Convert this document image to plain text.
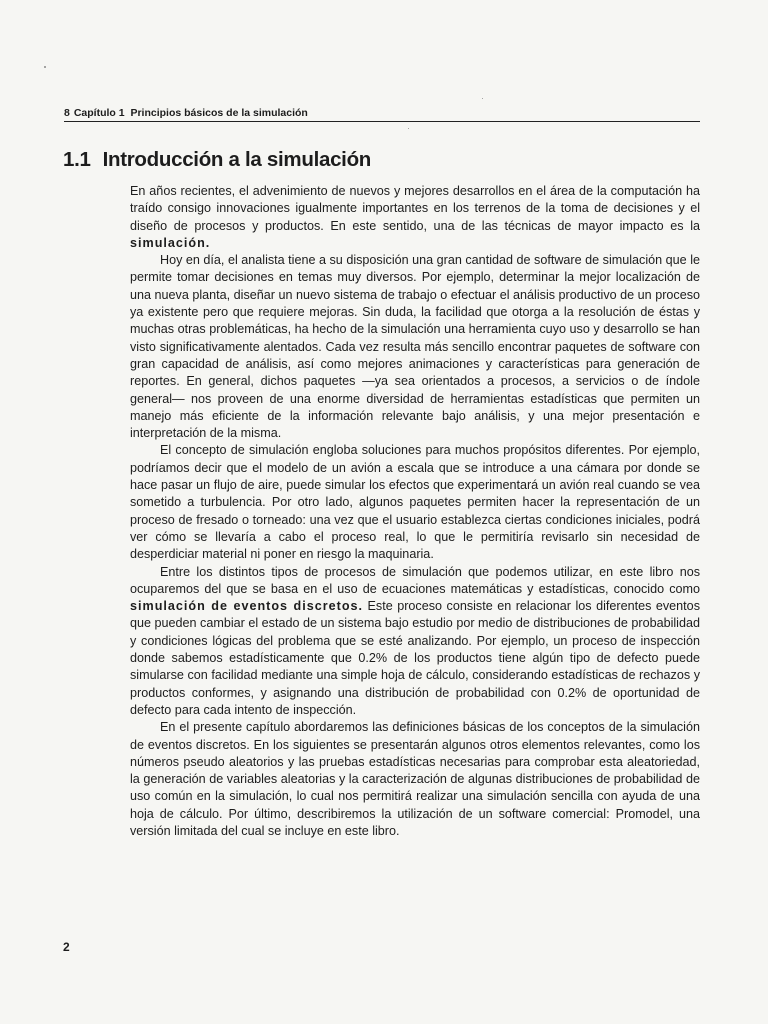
8 Capítulo 1 Principios básicos de la simulación
1.1 Introducción a la simulación

En años recientes, el advenimiento de nuevos y mejores desarrollos en el área de la computación ha traído consigo innovaciones igualmente importantes en los terrenos de la toma de decisiones y el diseño de procesos y productos. En este sentido, una de las técnicas de mayor impacto es la simulación.

Hoy en día, el analista tiene a su disposición una gran cantidad de software de simulación que le permite tomar decisiones en temas muy diversos. Por ejemplo, determinar la mejor localización de una nueva planta, diseñar un nuevo sistema de trabajo o efectuar el análisis productivo de un proceso ya existente pero que requiere mejoras. Sin duda, la facilidad que otorga a la resolución de éstas y muchas otras problemáticas, ha hecho de la simulación una herramienta cuyo uso y desarrollo se han visto significativamente alentados. Cada vez resulta más sencillo encontrar paquetes de software con gran capacidad de análisis, así como mejores animaciones y características para generación de reportes. En general, dichos paquetes —ya sea orientados a procesos, a servicios o de índole general— nos proveen de una enorme diversidad de herramientas estadísticas que permiten un manejo más eficiente de la información relevante bajo análisis, y una mejor presentación e interpretación de la misma.

El concepto de simulación engloba soluciones para muchos propósitos diferentes. Por ejemplo, podríamos decir que el modelo de un avión a escala que se introduce a una cámara por donde se hace pasar un flujo de aire, puede simular los efectos que experimentará un avión real cuando se vea sometido a turbulencia. Por otro lado, algunos paquetes permiten hacer la representación de un proceso de fresado o torneado: una vez que el usuario establezca ciertas condiciones iniciales, podrá ver cómo se llevaría a cabo el proceso real, lo que le permitiría revisarlo sin necesidad de desperdiciar material ni poner en riesgo la maquinaria.

Entre los distintos tipos de procesos de simulación que podemos utilizar, en este libro nos ocuparemos del que se basa en el uso de ecuaciones matemáticas y estadísticas, conocido como simulación de eventos discretos. Este proceso consiste en relacionar los diferentes eventos que pueden cambiar el estado de un sistema bajo estudio por medio de distribuciones de probabilidad y condiciones lógicas del problema que se esté analizando. Por ejemplo, un proceso de inspección donde sabemos estadísticamente que 0.2% de los productos tiene algún tipo de defecto puede simularse con facilidad mediante una simple hoja de cálculo, considerando estadísticas de rechazos y productos conformes, y asignando una distribución de probabilidad con 0.2% de oportunidad de defecto para cada intento de inspección.

En el presente capítulo abordaremos las definiciones básicas de los conceptos de la simulación de eventos discretos. En los siguientes se presentarán algunos otros elementos relevantes, como los números pseudo aleatorios y las pruebas estadísticas necesarias para comprobar esta aleatoriedad, la generación de variables aleatorias y la caracterización de algunas distribuciones de probabilidad de uso común en la simulación, lo cual nos permitirá realizar una simulación sencilla con ayuda de una hoja de cálculo. Por último, describiremos la utilización de un software comercial: Promodel, una versión limitada del cual se incluye en este libro.

2
